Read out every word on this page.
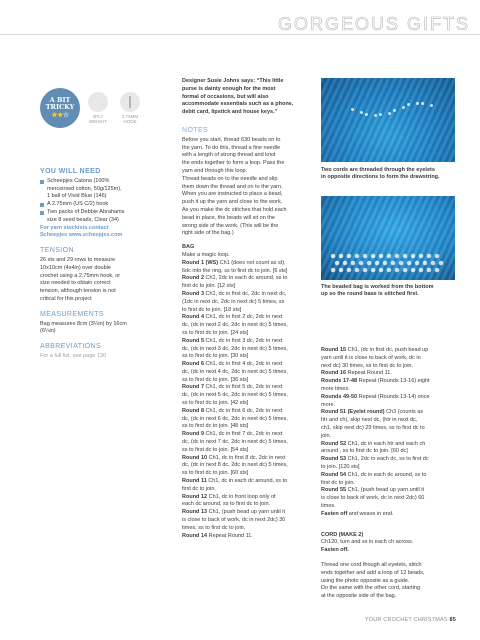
GORGEOUS GIFTS
A BIT
TRICKY
★★☆	4PLY
WEIGHT
2.75MM
HOOK
YOU WILL NEED
Scheepjes Catona (100%
merceirsed cotton, 50g/125m),
1 ball of Vivid Blue (146)
A 2.75mm (US C/2) hook
Two packs of Debbie Abrahams
size 8 seed beads, Clear (34)
For yarn stockists contact
Scheepjes www.scheepjes.com
TENSION
26 sts and 29 rows to measure
10x10cm (4x4in) over double
crochet using a 2.75mm hook, or
size needed to obtain correct
tension, although tension is not
critical for this project
MEASUREMENTS
Bag measures 8cm (3¼in) by 16cm
(6¼in)
ABBREVIATIONS
For a full list, see page 130
Designer Susie Johns says: “This little
purse is dainty enough for the most
formal of occasions, but will also
accommodate essentials such as a phone,
debit card, lipstick and house keys.”
NOTES
Before you start, thread 630 beads on to
the yarn. To do this, thread a fine needle
with a length of strong thread and knot
the ends together to form a loop. Pass the
yarn end through this loop.
Thread beads on to the needle and slip
them down the thread and on to the yarn.
When you are instructed to place a bead,
push it up the yarn and close to the work.
As you make the dc stitches that hold each
bead in place, the beads will sit on the
wrong side of the work. (This will be the
right side of the bag.)
BAG
Make a magic loop.
Round 1 (WS) Ch1 (does not count as st),
6dc into the ring, ss to first dc to join. [6 sts]
Round 2 Ch1, 2dc in each dc around, ss to
first dc to join. [12 sts]
Round 3 Ch1, dc in first dc, 2dc in next dc,
(1dc in next dc, 2dc in next dc) 5 times, ss
to first dc to join. [18 sts]
Round 4 Ch1, dc in first 2 dc, 2dc in next
dc, (dc in next 2 dc, 2dc in next dc) 5 times,
ss to first dc to join. [24 sts]
Round 5 Ch1, dc in first 3 dc, 2dc in next
dc, (dc in next 3 dc, 2dc in next dc) 5 times,
ss to first dc to join. [30 sts]
Round 6 Ch1, dc in first 4 dc, 2dc in next
dc, (dc in next 4 dc, 2dc in next dc) 5 times,
ss to first dc to join. [36 sts]
Round 7 Ch1, dc in first 5 dc, 2dc in next
dc, (dc in next 5 dc, 2dc in next dc) 5 times,
ss to first dc to join. [42 sts]
Round 8 Ch1, dc in first 6 dc, 2dc in next
dc, (dc in next 6 dc, 2dc in next dc) 5 times,
ss to first dc to join. [48 sts]
Round 9 Ch1, dc in first 7 dc, 2dc in next
dc, (dc in next 7 dc, 2dc in next dc) 5 times,
ss to first dc to join. [54 sts]
Round 10 Ch1, dc in first 8 dc, 2dc in next
dc, (dc in next 8 dc, 2dc in next dc) 5 times,
ss to first dc to join. [60 sts]
Round 11 Ch1, dc in each dc around, ss to
first dc to join.
Round 12 Ch1, dc in front loop only of
each dc around, ss to first dc to join.
Round 13 Ch1, (push bead up yarn until it
is close to back of work, dc in next 2dc) 30
times, ss to first dc to join.
Round 14 Repeat Round 11.
Two cords are threaded through the eyelets
in opposite directions to form the drawstring.
The beaded bag is worked from the bottom
up so the round base is stitched first.
Round 15 Ch1, (dc in first dc, push bead up
yarn until it is close to back of work, dc in
next dc) 30 times, ss to first dc to join.
Round 16 Repeat Round 11.
Rounds 17-48 Repeat (Rounds 13-16) eight
more times.
Rounds 49-50 Repeat (Rounds 13-14) once
more.
Round 51 (Eyelet round) Ch3 (counts as
htr and ch), skip next dc, (htr in next dc,
ch1, skip next dc) 29 times, ss to first dc to
join.
Round 52 Ch1, dc in each htr and each ch
around , ss to first dc to join. [60 dc]
Round 53 Ch1, 2dc in each dc, ss to first dc
to join. [120 sts]
Round 54 Ch1, dc in each dc around, ss to
first dc to join.
Round 55 Ch1, (push bead up yarn until it
is close to back of work, dc in next 2dc) 60
times.
Fasten off and weave in end.
CORD (MAKE 2)
Ch120, turn and ss in each ch across.
Fasten off.
Thread one cord though all eyelets, stitch
ends together and add a loop of 12 beads,
using the photo opposite as a guide.
Do the same with the other cord, starting
at the opposite side of the bag.
YOUR CROCHET CHRISTMAS 85
